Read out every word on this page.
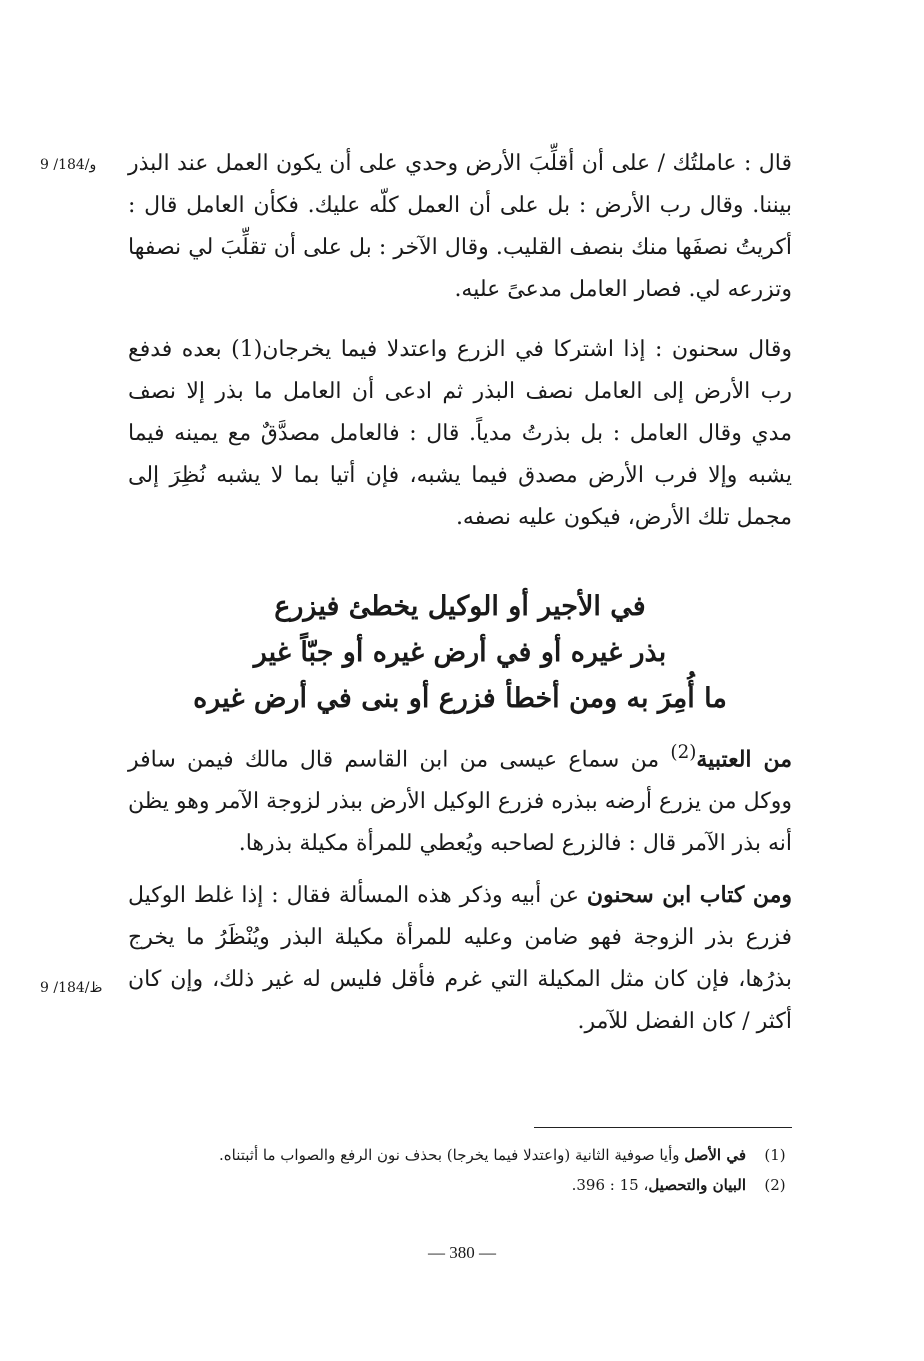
9 /184/و قال : عاملتُك / على أن أقلِّبَ الأرض وحدي على أن يكون العمل عند البذر بيننا. وقال رب الأرض : بل على أن العمل كلّه عليك. فكأن العامل قال : أكريتُ نصفَها منك بنصف القليب. وقال الآخر : بل على أن تقلِّبَ لي نصفها وتزرعه لي. فصار العامل مدعىً عليه.

وقال سحنون : إذا اشتركا في الزرع واعتدلا فيما يخرجان(1) بعده فدفع رب الأرض إلى العامل نصف البذر ثم ادعى أن العامل ما بذر إلا نصف مدي وقال العامل : بل بذرتُ مدياً. قال : فالعامل مصدَّقٌ مع يمينه فيما يشبه وإلا فرب الأرض مصدق فيما يشبه، فإن أتيا بما لا يشبه نُظِرَ إلى مجمل تلك الأرض، فيكون عليه نصفه.

في الأجير أو الوكيل يخطئ فيزرع
بذر غيره أو في أرض غيره أو جبّاً غير
ما أُمِرَ به ومن أخطأ فزرع أو بنى في أرض غيره

من العتبية$^{(2)}$ من سماع عيسى من ابن القاسم قال مالك فيمن سافر ووكل من يزرع أرضه ببذره فزرع الوكيل الأرض ببذر لزوجة الآمر وهو يظن أنه بذر الآمر قال : فالزرع لصاحبه ويُعطي للمرأة مكيلة بذرها.

ومن كتاب ابن سحنون عن أبيه وذكر هذه المسألة فقال : إذا غلط الوكيل فزرع بذر الزوجة فهو ضامن وعليه للمرأة مكيلة البذر ويُنْظَرُ ما يخرج بذرُها، فإن كان مثل المكيلة التي غرم فأقل فليس له غير ذلك، وإن كان أكثر / كان الفضل للآمر.

9 /184/ظ
(1)
في الأصل وأيا صوفية الثانية (واعتدلا فيما يخرجا) بحذف نون الرفع والصواب ما أثبتناه.
(2)
البيان والتحصيل، 15 : 396.
— 380 —
